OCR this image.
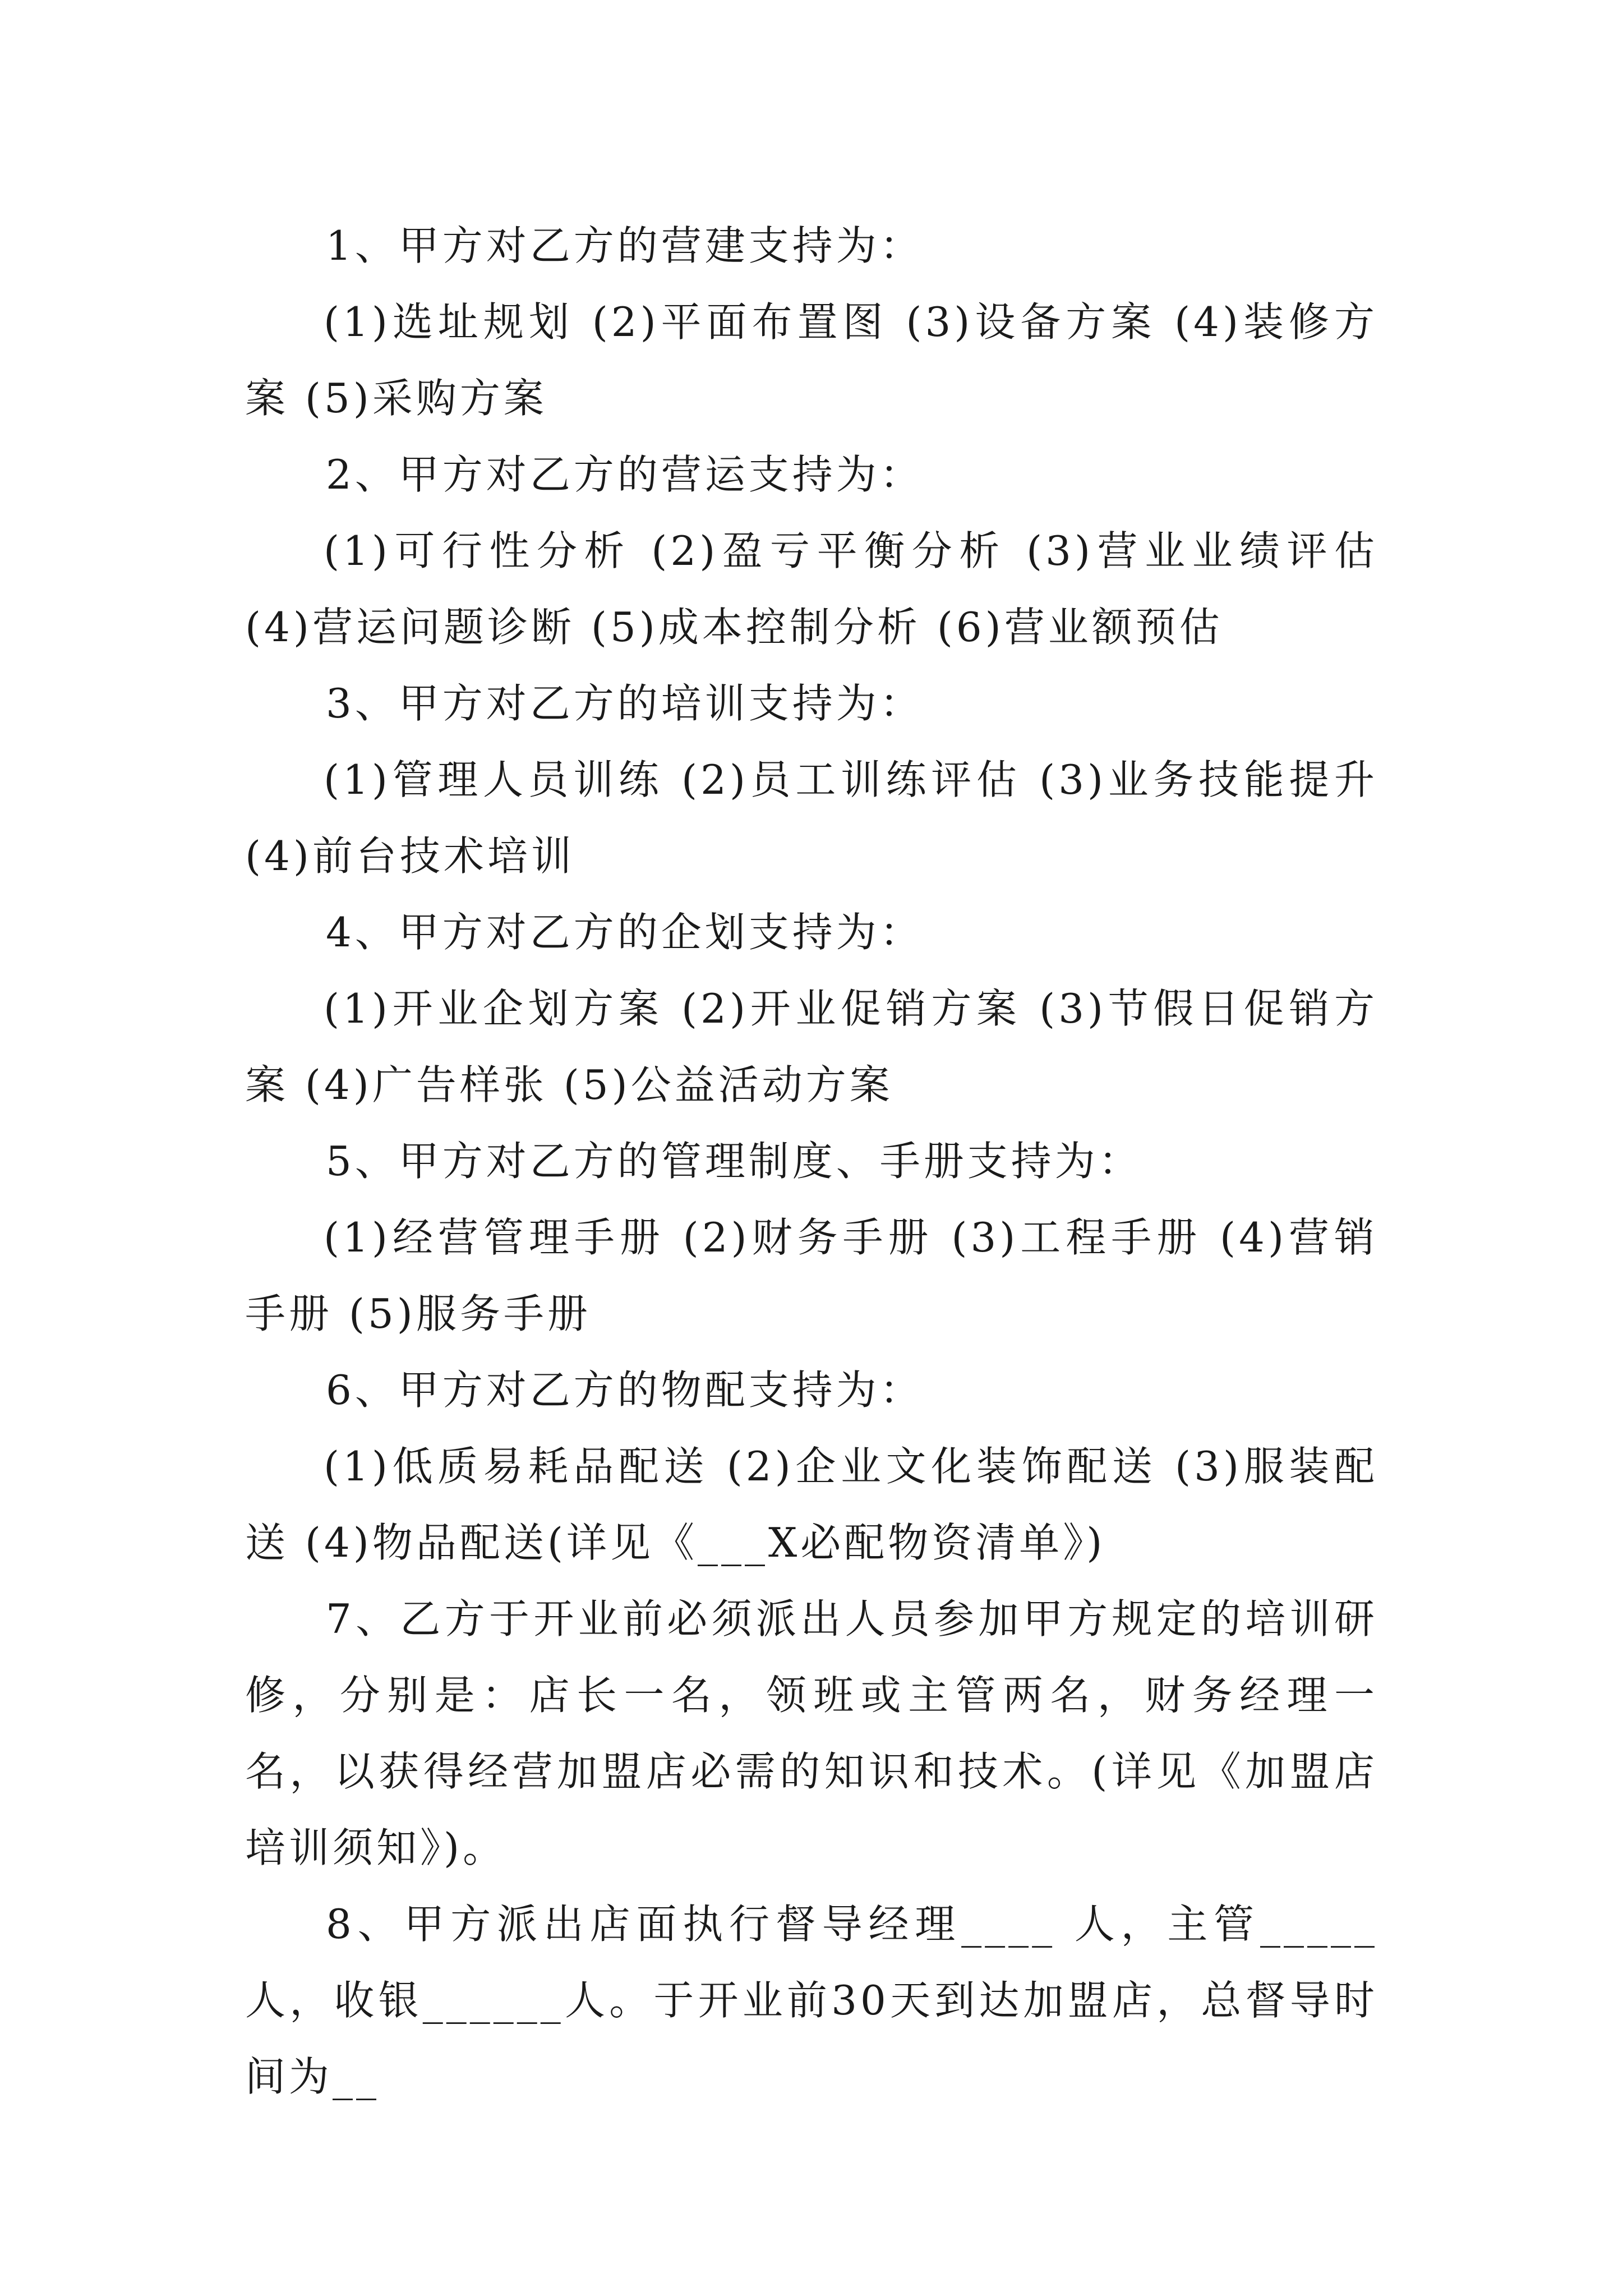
1、甲方对乙方的营建支持为：

(1)选址规划 (2)平面布置图 (3)设备方案 (4)装修方案 (5)采购方案

2、甲方对乙方的营运支持为：

(1)可行性分析 (2)盈亏平衡分析 (3)营业业绩评估 (4)营运问题诊断 (5)成本控制分析 (6)营业额预估

3、甲方对乙方的培训支持为：

(1)管理人员训练 (2)员工训练评估 (3)业务技能提升 (4)前台技术培训

4、甲方对乙方的企划支持为：

(1)开业企划方案 (2)开业促销方案 (3)节假日促销方案 (4)广告样张 (5)公益活动方案

5、甲方对乙方的管理制度、手册支持为：

(1)经营管理手册 (2)财务手册 (3)工程手册 (4)营销手册 (5)服务手册

6、甲方对乙方的物配支持为：

(1)低质易耗品配送 (2)企业文化装饰配送 (3)服装配送 (4)物品配送(详见《___X必配物资清单》)

7、乙方于开业前必须派出人员参加甲方规定的培训研修，分别是：店长一名，领班或主管两名，财务经理一名，以获得经营加盟店必需的知识和技术。(详见《加盟店培训须知》)。

8、甲方派出店面执行督导经理____ 人，主管_____人，收银______人。于开业前30天到达加盟店，总督导时间为__
